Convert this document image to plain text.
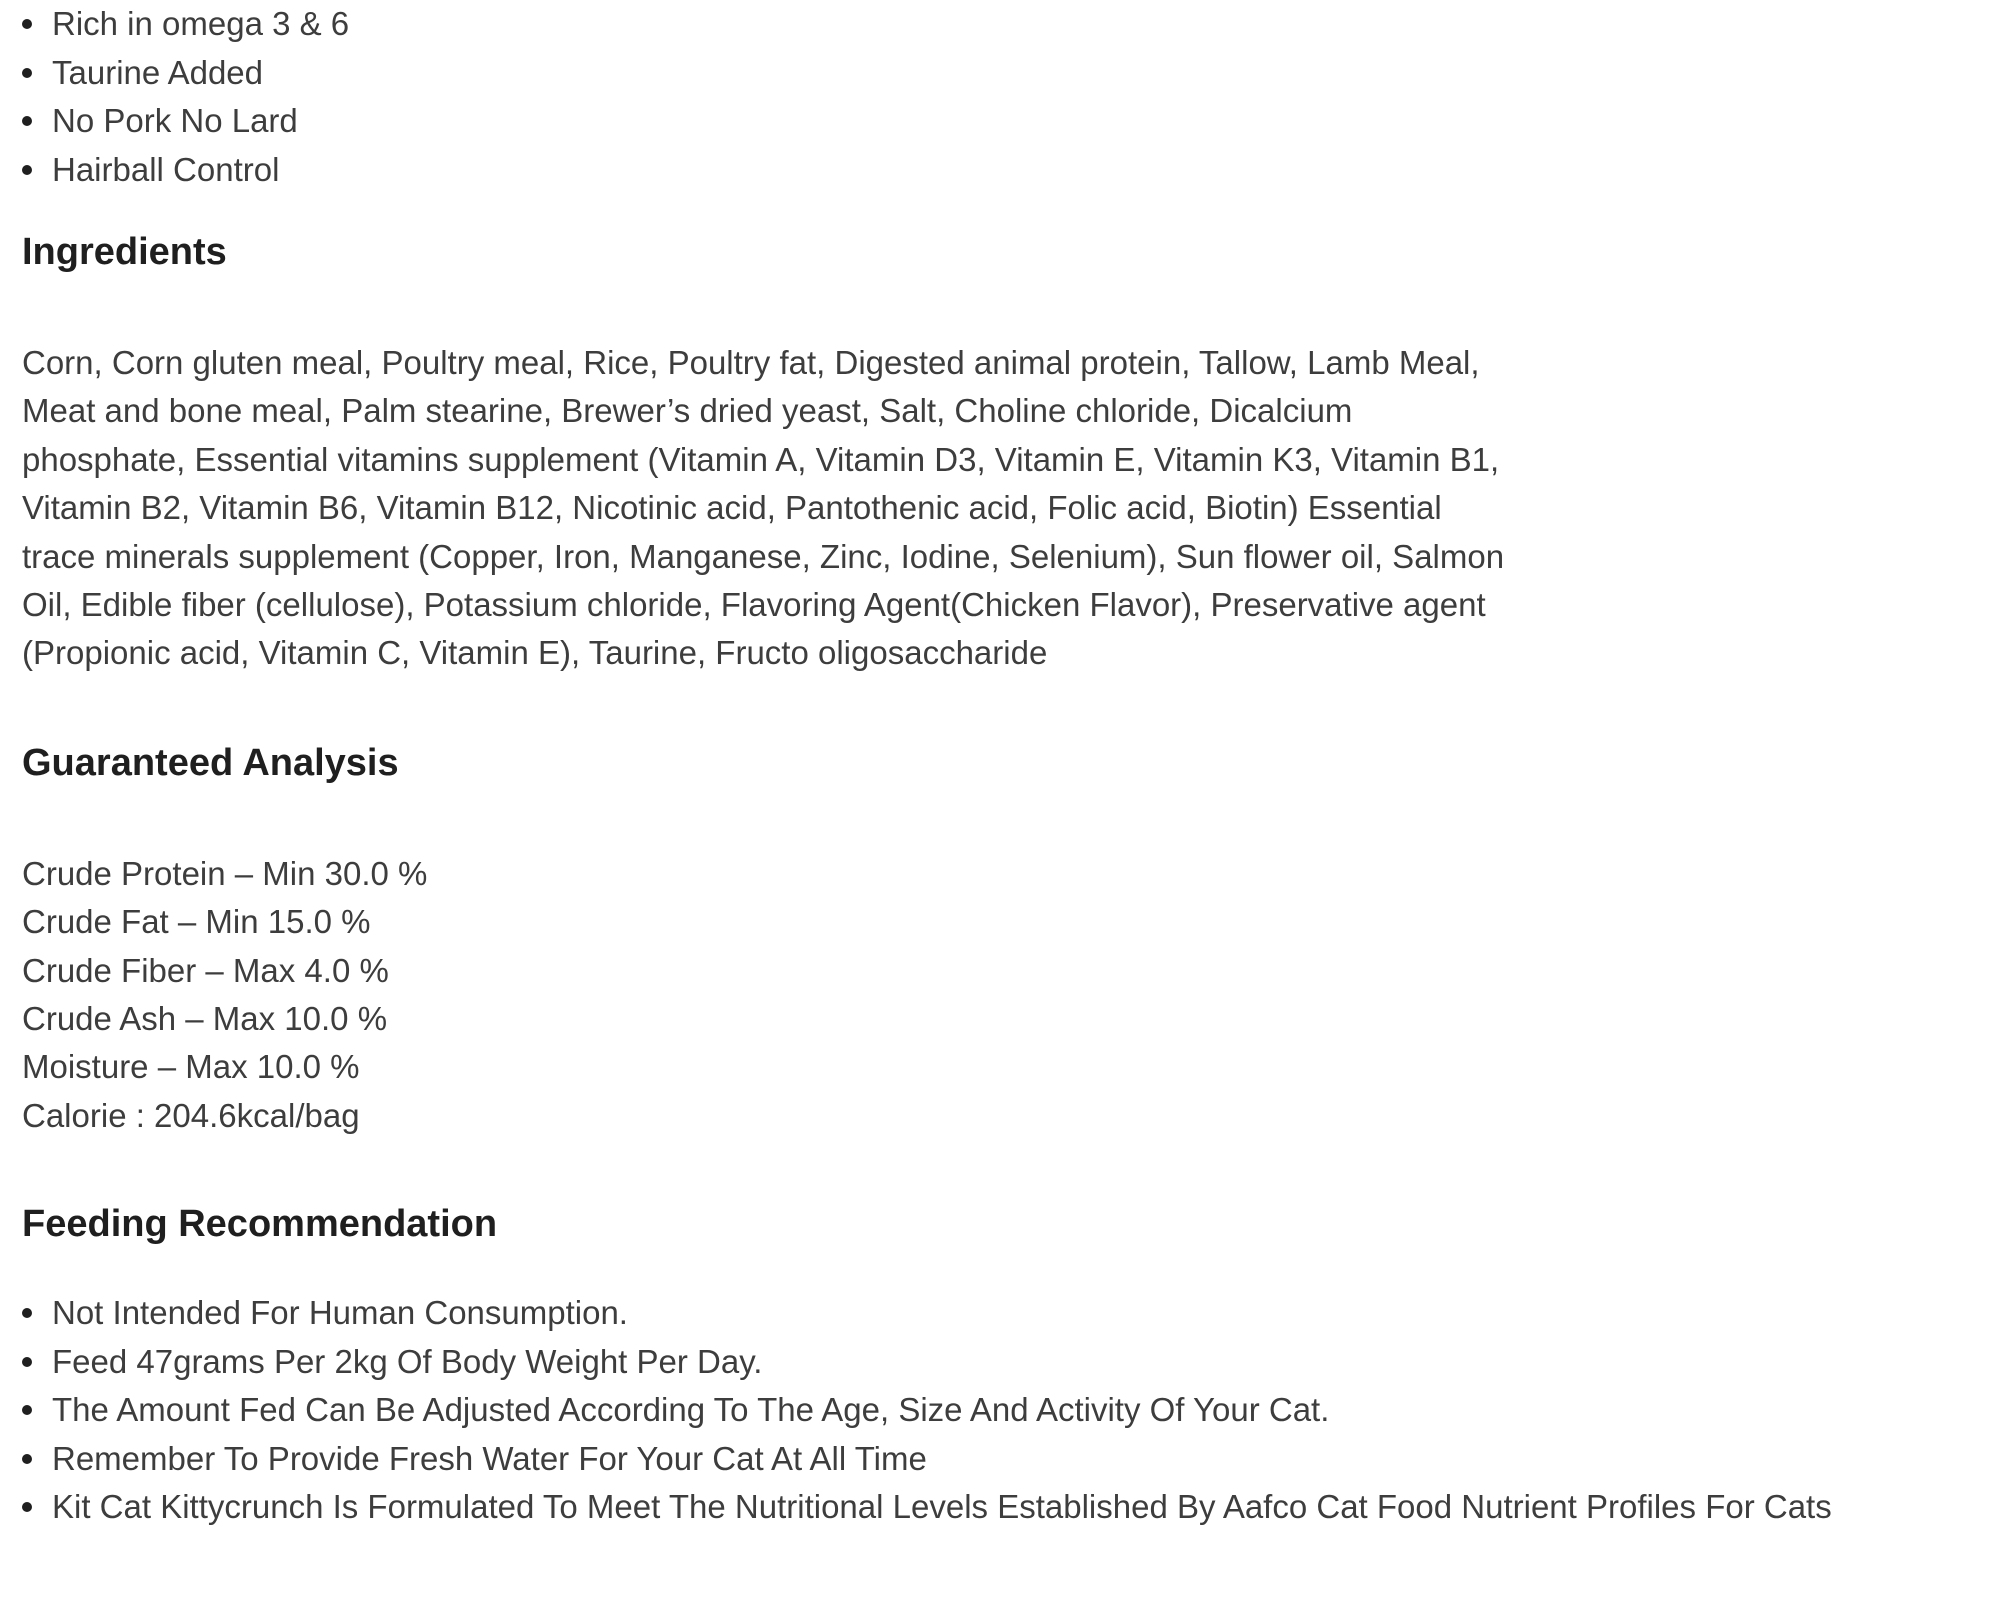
Rich in omega 3 & 6
Taurine Added
No Pork No Lard
Hairball Control
Ingredients

Corn, Corn gluten meal, Poultry meal, Rice, Poultry fat, Digested animal protein, Tallow, Lamb Meal, Meat and bone meal, Palm stearine, Brewer’s dried yeast, Salt, Choline chloride, Dicalcium phosphate, Essential vitamins supplement (Vitamin A, Vitamin D3, Vitamin E, Vitamin K3, Vitamin B1, Vitamin B2, Vitamin B6, Vitamin B12, Nicotinic acid, Pantothenic acid, Folic acid, Biotin) Essential trace minerals supplement (Copper, Iron, Manganese, Zinc, Iodine, Selenium), Sun flower oil, Salmon Oil, Edible fiber (cellulose), Potassium chloride, Flavoring Agent(Chicken Flavor), Preservative agent (Propionic acid, Vitamin C, Vitamin E), Taurine, Fructo oligosaccharide

Guaranteed Analysis
Crude Protein – Min 30.0 %
Crude Fat – Min 15.0 %
Crude Fiber – Max 4.0 %
Crude Ash – Max 10.0 %
Moisture – Max 10.0 %
Calorie : 204.6kcal/bag
Feeding Recommendation
Not Intended For Human Consumption.
Feed 47grams Per 2kg Of Body Weight Per Day.
The Amount Fed Can Be Adjusted According To The Age, Size And Activity Of Your Cat.
Remember To Provide Fresh Water For Your Cat At All Time
Kit Cat Kittycrunch Is Formulated To Meet The Nutritional Levels Established By Aafco Cat Food Nutrient Profiles For Cats
